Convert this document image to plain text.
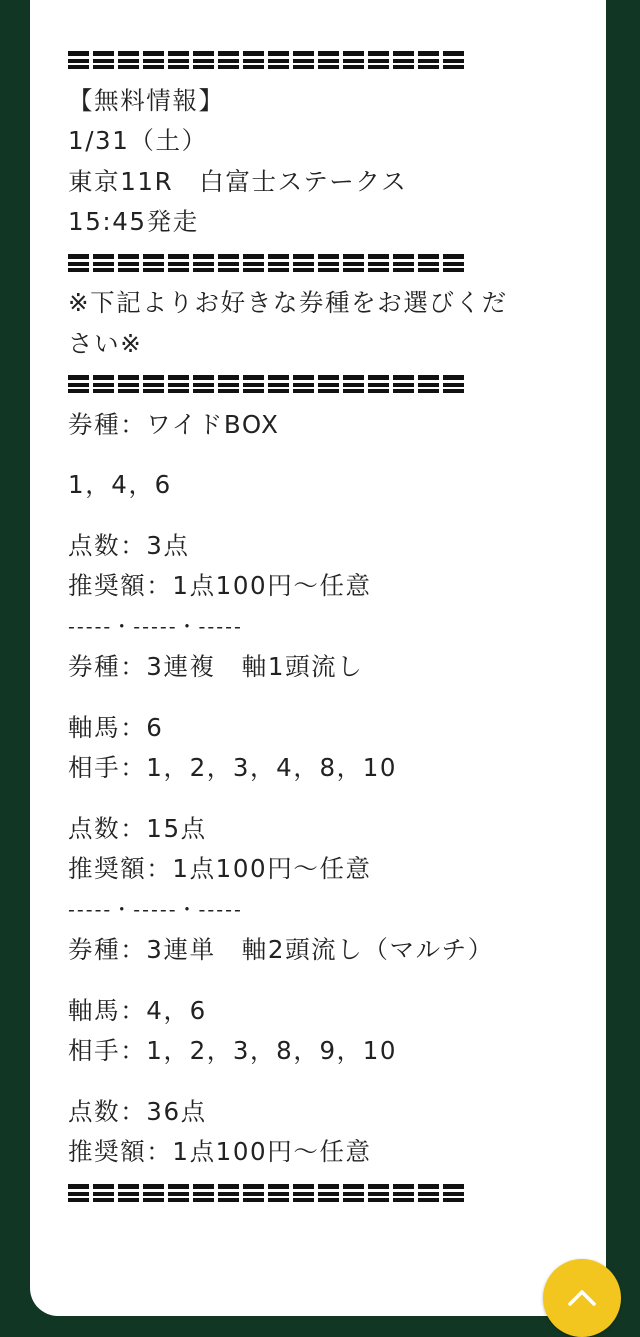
【無料情報】
1/31（土）
東京11R　白富士ステークス
15:45発走
※下記よりお好きな券種をお選びくだ
さい※
券種：ワイドBOX
1，4，6
点数：3点
推奨額：1点100円～任意
-----・-----・-----
券種：3連複　軸1頭流し
軸馬：6
相手：1，2，3，4，8，10
点数：15点
推奨額：1点100円～任意
-----・-----・-----
券種：3連単　軸2頭流し（マルチ）
軸馬：4，6
相手：1，2，3，8，9，10
点数：36点
推奨額：1点100円～任意
